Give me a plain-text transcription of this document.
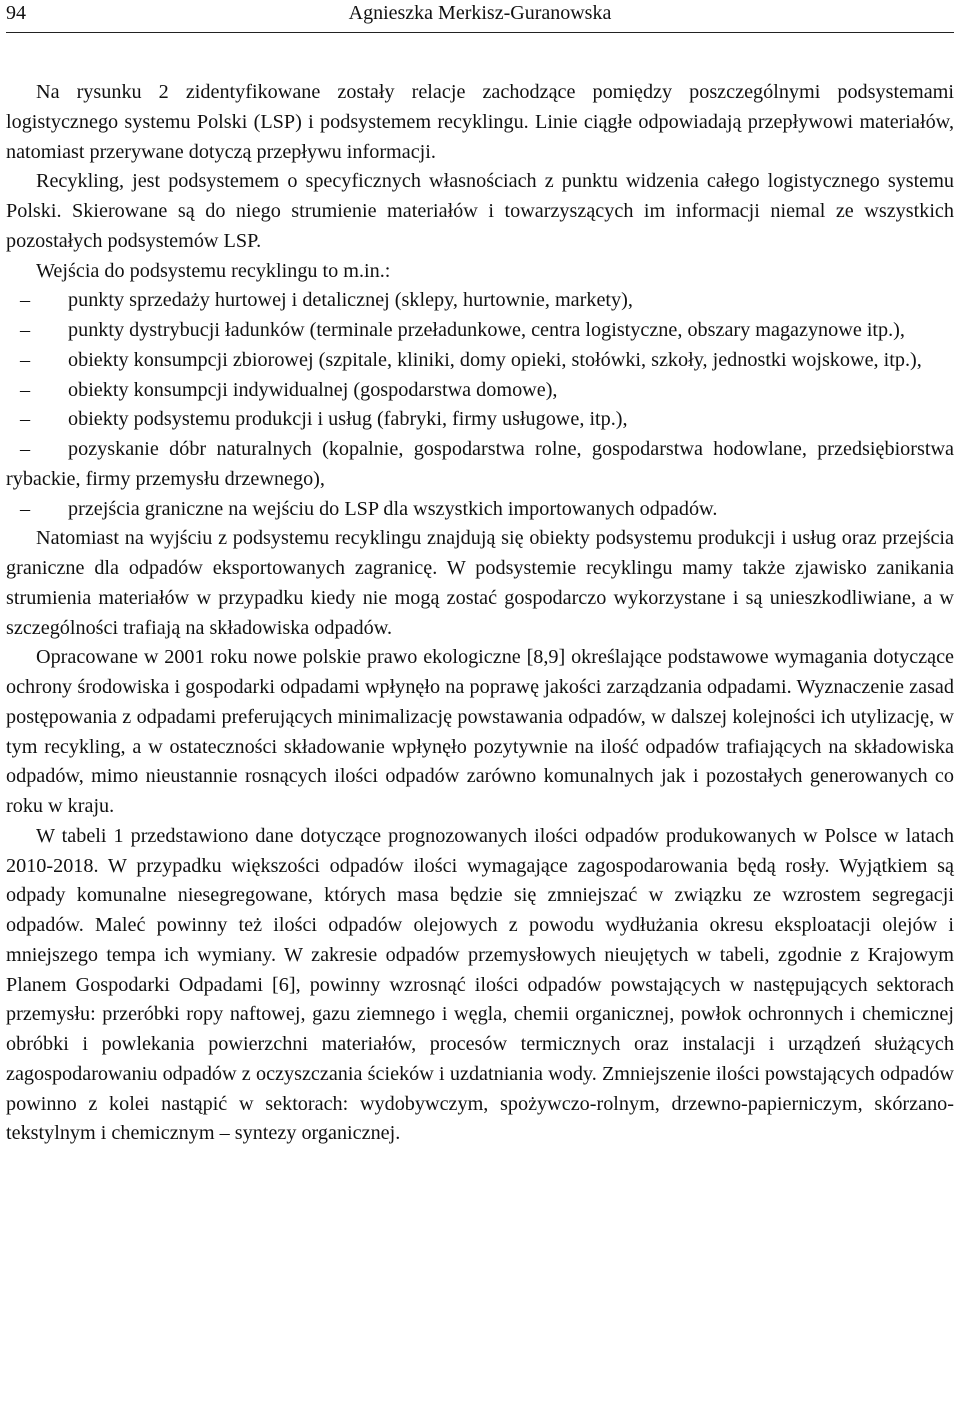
94	Agnieszka Merkisz-Guranowska

Na rysunku 2 zidentyfikowane zostały relacje zachodzące pomiędzy poszczególnymi podsystemami logistycznego systemu Polski (LSP) i podsystemem recyklingu. Linie ciągłe odpowiadają przepływowi materiałów, natomiast przerywane dotyczą przepływu informacji.

Recykling, jest podsystemem o specyficznych własnościach z punktu widzenia całego logistycznego systemu Polski. Skierowane są do niego strumienie materiałów i towarzyszących im informacji niemal ze wszystkich pozostałych podsystemów LSP.

Wejścia do podsystemu recyklingu to m.in.:

– punkty sprzedaży hurtowej i detalicznej (sklepy, hurtownie, markety),

– punkty dystrybucji ładunków (terminale przeładunkowe, centra logistyczne, obszary magazynowe itp.),

– obiekty konsumpcji zbiorowej (szpitale, kliniki, domy opieki, stołówki, szkoły, jednostki wojskowe, itp.),

– obiekty konsumpcji indywidualnej (gospodarstwa domowe),

– obiekty podsystemu produkcji i usług (fabryki, firmy usługowe, itp.),

– pozyskanie dóbr naturalnych (kopalnie, gospodarstwa rolne, gospodarstwa hodowlane, przedsiębiorstwa rybackie, firmy przemysłu drzewnego),

– przejścia graniczne na wejściu do LSP dla wszystkich importowanych odpadów.

Natomiast na wyjściu z podsystemu recyklingu znajdują się obiekty podsystemu produkcji i usług oraz przejścia graniczne dla odpadów eksportowanych zagranicę. W podsystemie recyklingu mamy także zjawisko zanikania strumienia materiałów w przypadku kiedy nie mogą zostać gospodarczo wykorzystane i są unieszkodliwiane, a w szczególności trafiają na składowiska odpadów.

Opracowane w 2001 roku nowe polskie prawo ekologiczne [8,9] określające podstawowe wymagania dotyczące ochrony środowiska i gospodarki odpadami wpłynęło na poprawę jakości zarządzania odpadami. Wyznaczenie zasad postępowania z odpadami preferujących minimalizację powstawania odpadów, w dalszej kolejności ich utylizację, w tym recykling, a w ostateczności składowanie wpłynęło pozytywnie na ilość odpadów trafiających na składowiska odpadów, mimo nieustannie rosnących ilości odpadów zarówno komunalnych jak i pozostałych generowanych co roku w kraju.

W tabeli 1 przedstawiono dane dotyczące prognozowanych ilości odpadów produkowanych w Polsce w latach 2010-2018. W przypadku większości odpadów ilości wymagające zagospodarowania będą rosły. Wyjątkiem są odpady komunalne niesegregowane, których masa będzie się zmniejszać w związku ze wzrostem segregacji odpadów. Maleć powinny też ilości odpadów olejowych z powodu wydłużania okresu eksploatacji olejów i mniejszego tempa ich wymiany. W zakresie odpadów przemysłowych nieujętych w tabeli, zgodnie z Krajowym Planem Gospodarki Odpadami [6], powinny wzrosnąć ilości odpadów powstających w następujących sektorach przemysłu: przeróbki ropy naftowej, gazu ziemnego i węgla, chemii organicznej, powłok ochronnych i chemicznej obróbki i powlekania powierzchni materiałów, procesów termicznych oraz instalacji i urządzeń służących zagospodarowaniu odpadów z oczyszczania ścieków i uzdatniania wody. Zmniejszenie ilości powstających odpadów powinno z kolei nastąpić w sektorach: wydobywczym, spożywczo-rolnym, drzewno-papierniczym, skórzano-tekstylnym i chemicznym – syntezy organicznej.
